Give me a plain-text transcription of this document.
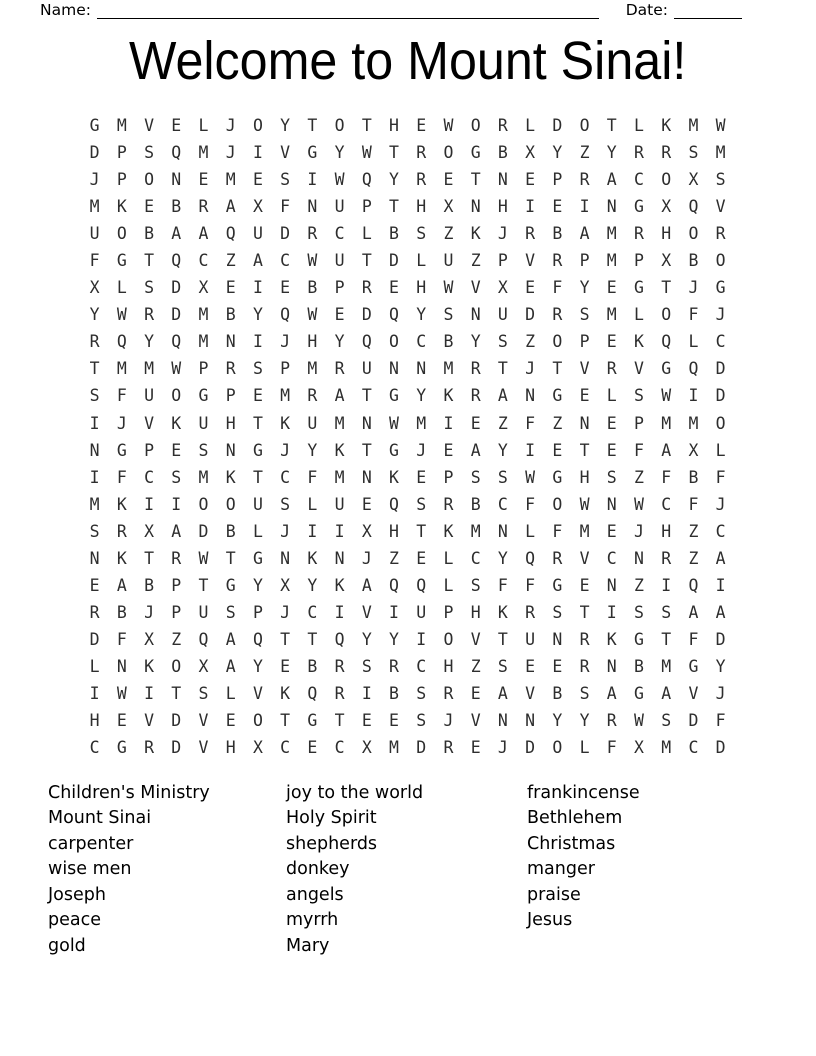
Name:	Date:
Welcome to Mount Sinai!
G	M	V	E	L	J	O	Y	T	O	T	H	E	W	O	R	L	D	O	T	L	K	M	W
D	P	S	Q	M	J	I	V	G	Y	W	T	R	O	G	B	X	Y	Z	Y	R	R	S	M
J	P	O	N	E	M	E	S	I	W	Q	Y	R	E	T	N	E	P	R	A	C	O	X	S
M	K	E	B	R	A	X	F	N	U	P	T	H	X	N	H	I	E	I	N	G	X	Q	V
U	O	B	A	A	Q	U	D	R	C	L	B	S	Z	K	J	R	B	A	M	R	H	O	R
F	G	T	Q	C	Z	A	C	W	U	T	D	L	U	Z	P	V	R	P	M	P	X	B	O
X	L	S	D	X	E	I	E	B	P	R	E	H	W	V	X	E	F	Y	E	G	T	J	G
Y	W	R	D	M	B	Y	Q	W	E	D	Q	Y	S	N	U	D	R	S	M	L	O	F	J
R	Q	Y	Q	M	N	I	J	H	Y	Q	O	C	B	Y	S	Z	O	P	E	K	Q	L	C
T	M	M	W	P	R	S	P	M	R	U	N	N	M	R	T	J	T	V	R	V	G	Q	D
S	F	U	O	G	P	E	M	R	A	T	G	Y	K	R	A	N	G	E	L	S	W	I	D
I	J	V	K	U	H	T	K	U	M	N	W	M	I	E	Z	F	Z	N	E	P	M	M	O
N	G	P	E	S	N	G	J	Y	K	T	G	J	E	A	Y	I	E	T	E	F	A	X	L
I	F	C	S	M	K	T	C	F	M	N	K	E	P	S	S	W	G	H	S	Z	F	B	F
M	K	I	I	O	O	U	S	L	U	E	Q	S	R	B	C	F	O	W	N	W	C	F	J
S	R	X	A	D	B	L	J	I	I	X	H	T	K	M	N	L	F	M	E	J	H	Z	C
N	K	T	R	W	T	G	N	K	N	J	Z	E	L	C	Y	Q	R	V	C	N	R	Z	A
E	A	B	P	T	G	Y	X	Y	K	A	Q	Q	L	S	F	F	G	E	N	Z	I	Q	I
R	B	J	P	U	S	P	J	C	I	V	I	U	P	H	K	R	S	T	I	S	S	A	A
D	F	X	Z	Q	A	Q	T	T	Q	Y	Y	I	O	V	T	U	N	R	K	G	T	F	D
L	N	K	O	X	A	Y	E	B	R	S	R	C	H	Z	S	E	E	R	N	B	M	G	Y
I	W	I	T	S	L	V	K	Q	R	I	B	S	R	E	A	V	B	S	A	G	A	V	J
H	E	V	D	V	E	O	T	G	T	E	E	S	J	V	N	N	Y	Y	R	W	S	D	F
C	G	R	D	V	H	X	C	E	C	X	M	D	R	E	J	D	O	L	F	X	M	C	D
Children's Ministry
Mount Sinai
carpenter
wise men
Joseph
peace
gold
joy to the world
Holy Spirit
shepherds
donkey
angels
myrrh
Mary
frankincense
Bethlehem
Christmas
manger
praise
Jesus
